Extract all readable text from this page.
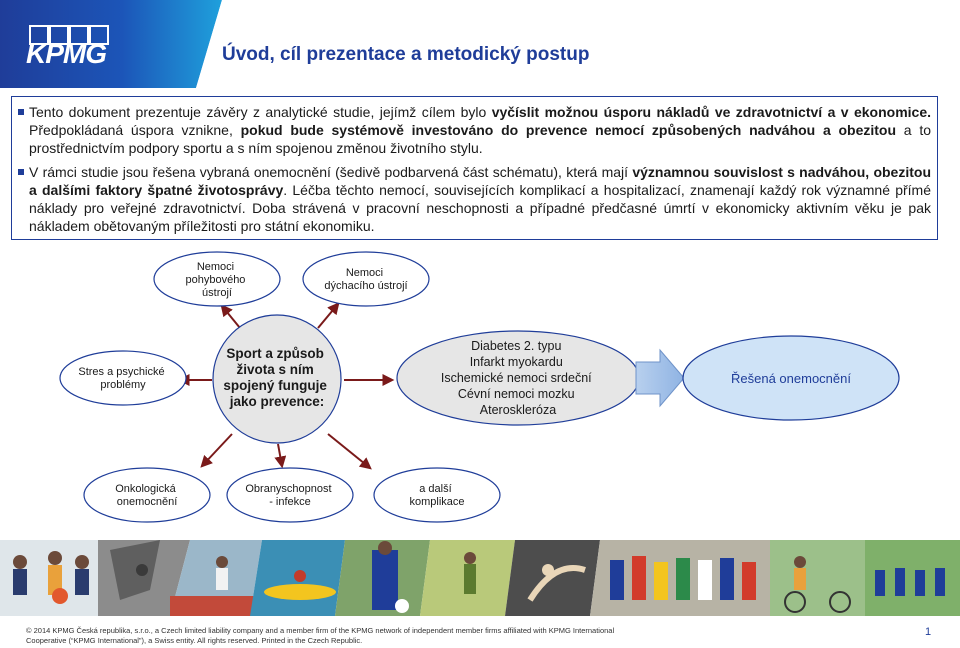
KPMG	Úvod, cíl prezentace a metodický postup
Tento dokument prezentuje závěry z analytické studie, jejímž cílem bylo vyčíslit možnou úsporu nákladů ve zdravotnictví a v ekonomice. Předpokládaná úspora vznikne, pokud bude systémově investováno do prevence nemocí způsobených nadváhou a obezitou a to prostřednictvím podpory sportu a s ním spojenou změnou životního stylu.
V rámci studie jsou řešena vybraná onemocnění (šedivě podbarvená část schématu), která mají významnou souvislost s nadváhou, obezitou a dalšími faktory špatné životosprávy. Léčba těchto nemocí, souvisejících komplikací a hospitalizací, znamenají každý rok významné přímé náklady pro veřejné zdravotnictví. Doba strávená v pracovní neschopnosti a případné předčasné úmrtí v ekonomicky aktivním věku je pak nákladem obětovaným příležitosti pro státní ekonomiku.
Nemoci pohybového ústrojí
Nemoci dýchacího ústrojí
Stres a psychické problémy
Onkologická onemocnění
Obranyschopnost - infekce
a další komplikace
Sport a způsob života s ním spojený funguje jako prevence:
Diabetes 2. typu Infarkt myokardu Ischemické nemoci srdeční Cévní nemoci mozku Ateroskleróza
Řešená onemocnění
© 2014 KPMG Česká republika, s.r.o., a Czech limited liability company and a member firm of the KPMG network of independent member firms affiliated with KPMG International
Cooperative (“KPMG International”), a Swiss entity. All rights reserved. Printed in the Czech Republic.
1
